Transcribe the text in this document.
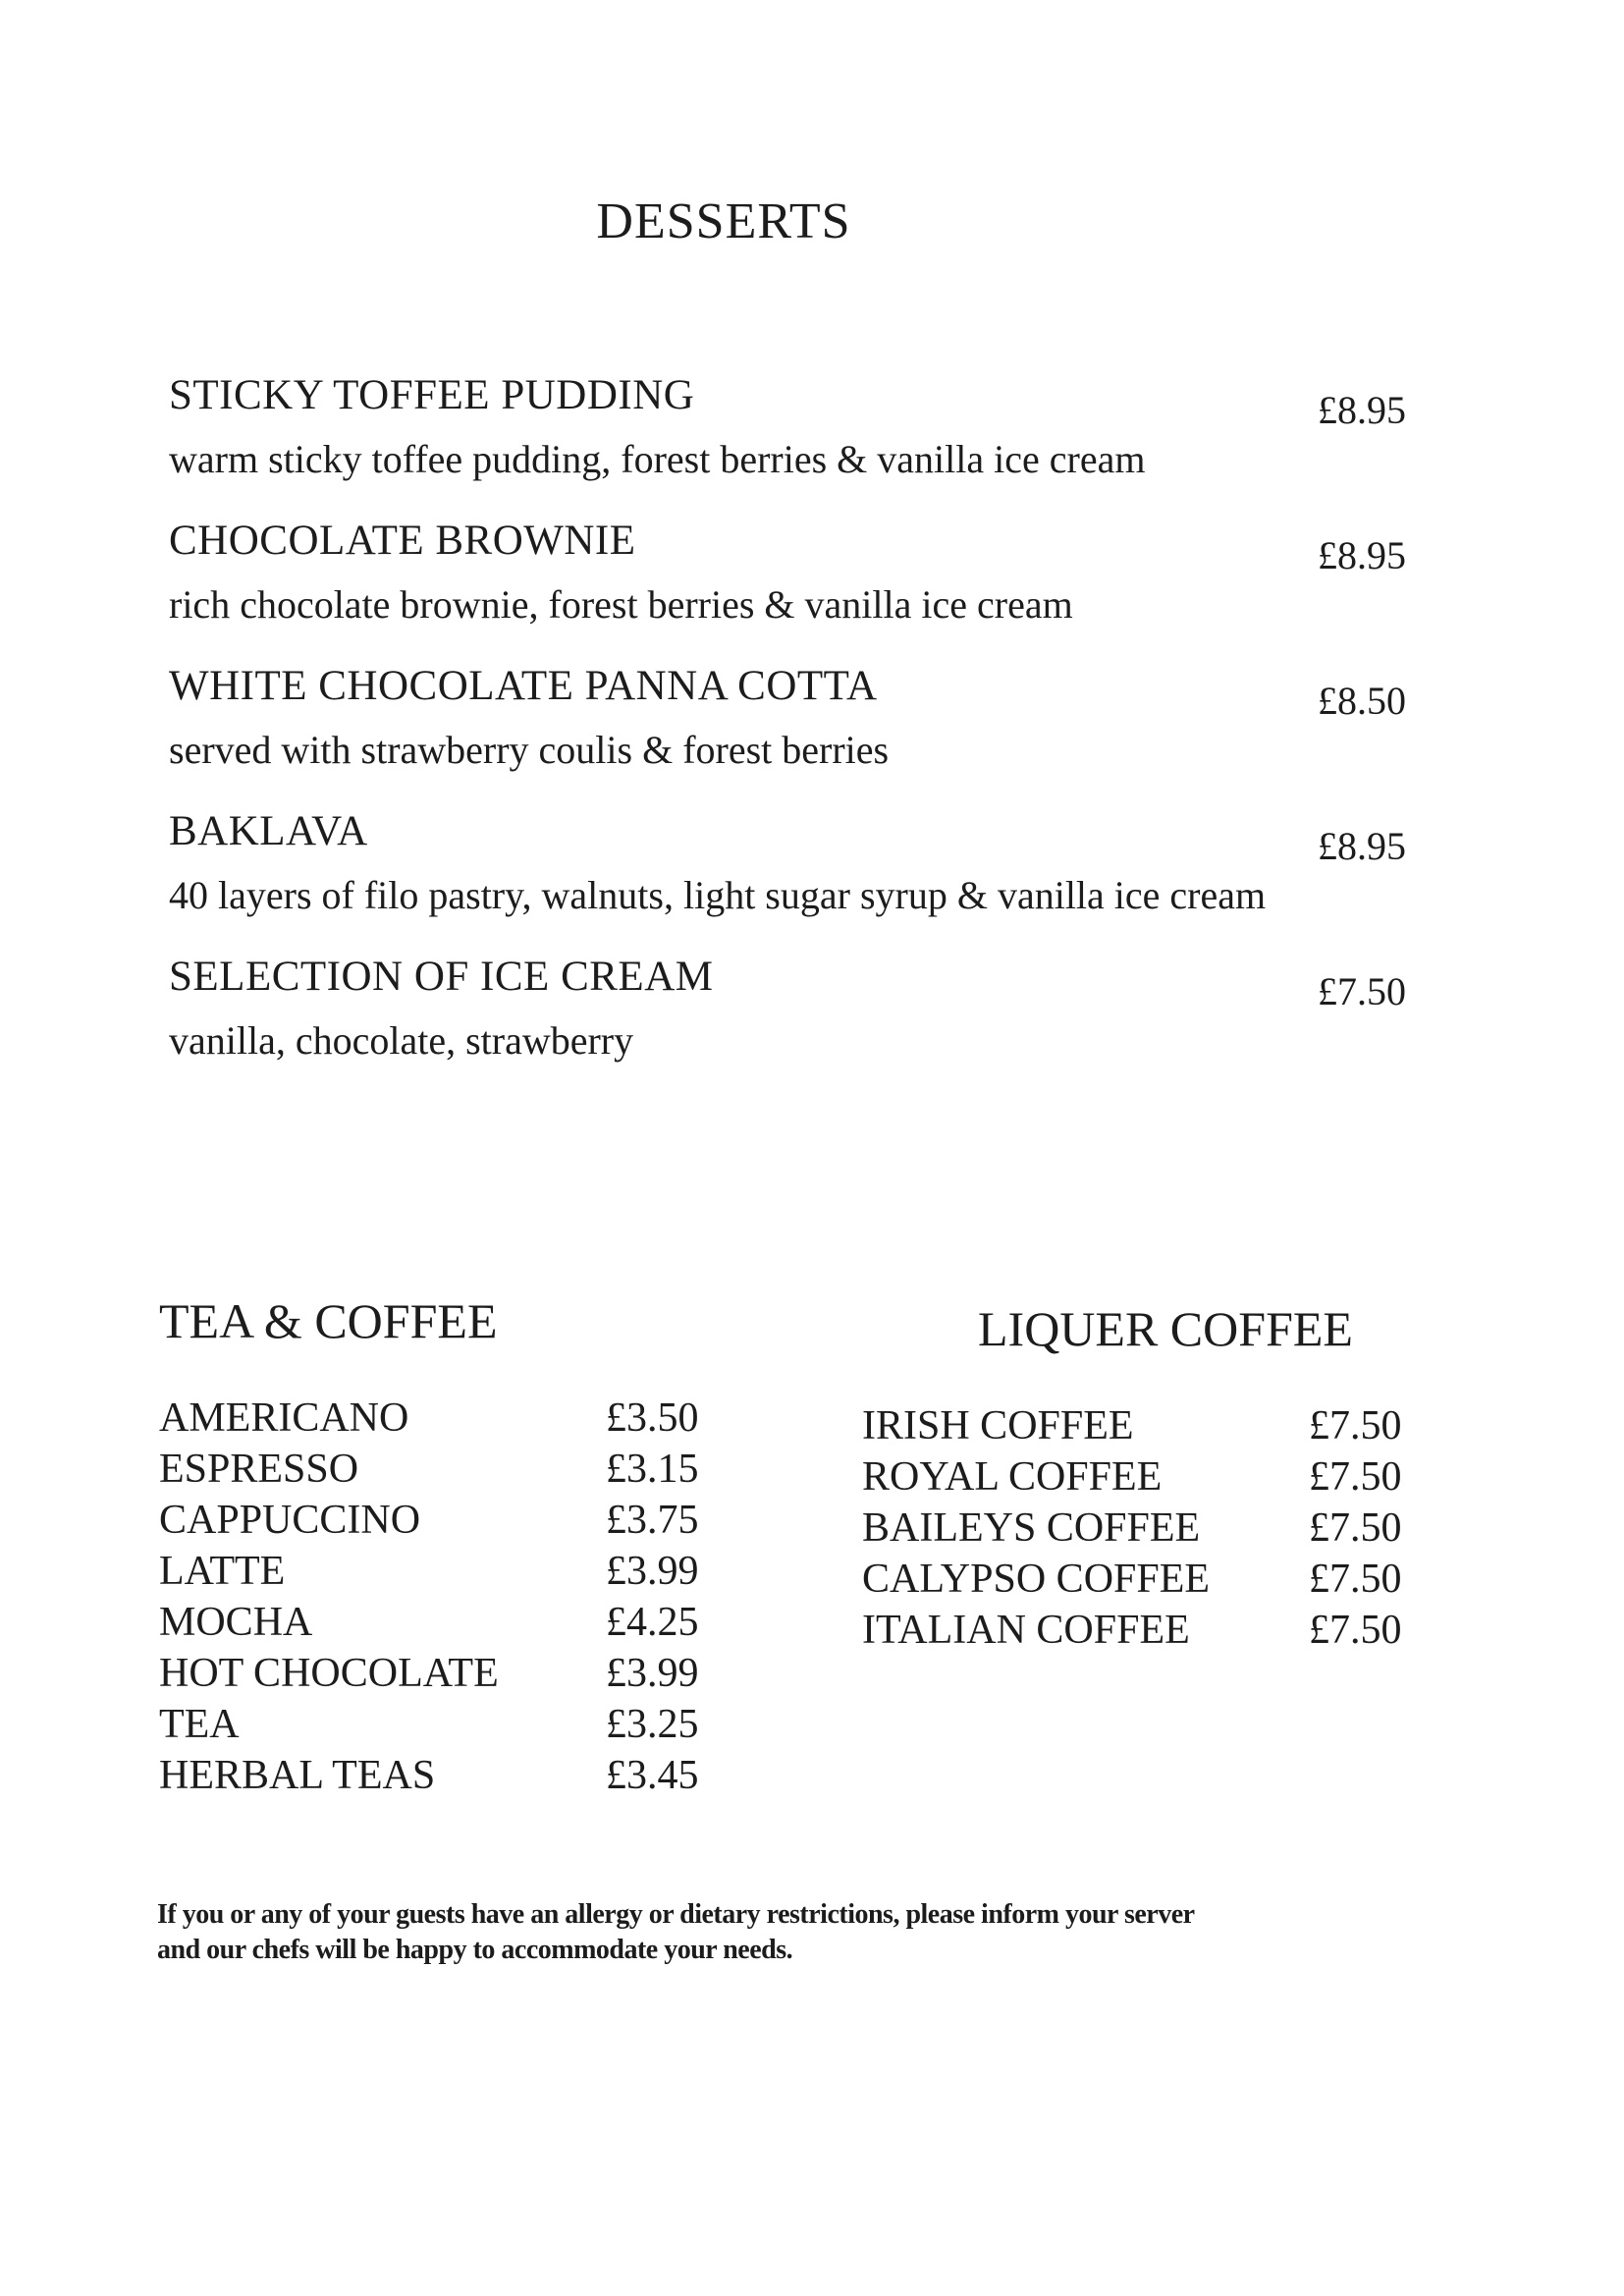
DESSERTS
STICKY TOFFEE PUDDING
warm sticky toffee pudding, forest berries & vanilla ice cream
£8.95
CHOCOLATE BROWNIE
rich chocolate brownie, forest berries & vanilla ice cream
£8.95
WHITE CHOCOLATE PANNA COTTA
served with strawberry coulis & forest berries
£8.50
BAKLAVA
40 layers of filo pastry, walnuts, light sugar syrup & vanilla ice cream
£8.95
SELECTION OF ICE CREAM
vanilla, chocolate, strawberry
£7.50
TEA & COFFEE
AMERICANO	£3.50
ESPRESSO	£3.15
CAPPUCCINO	£3.75
LATTE	£3.99
MOCHA	£4.25
HOT CHOCOLATE	£3.99
TEA	£3.25
HERBAL TEAS	£3.45
LIQUER COFFEE
IRISH COFFEE	£7.50
ROYAL COFFEE	£7.50
BAILEYS COFFEE	£7.50
CALYPSO COFFEE £7.50
ITALIAN COFFEE	£7.50
If you or any of your guests have an allergy or dietary restrictions, please inform your server
and our chefs will be happy to accommodate your needs.
